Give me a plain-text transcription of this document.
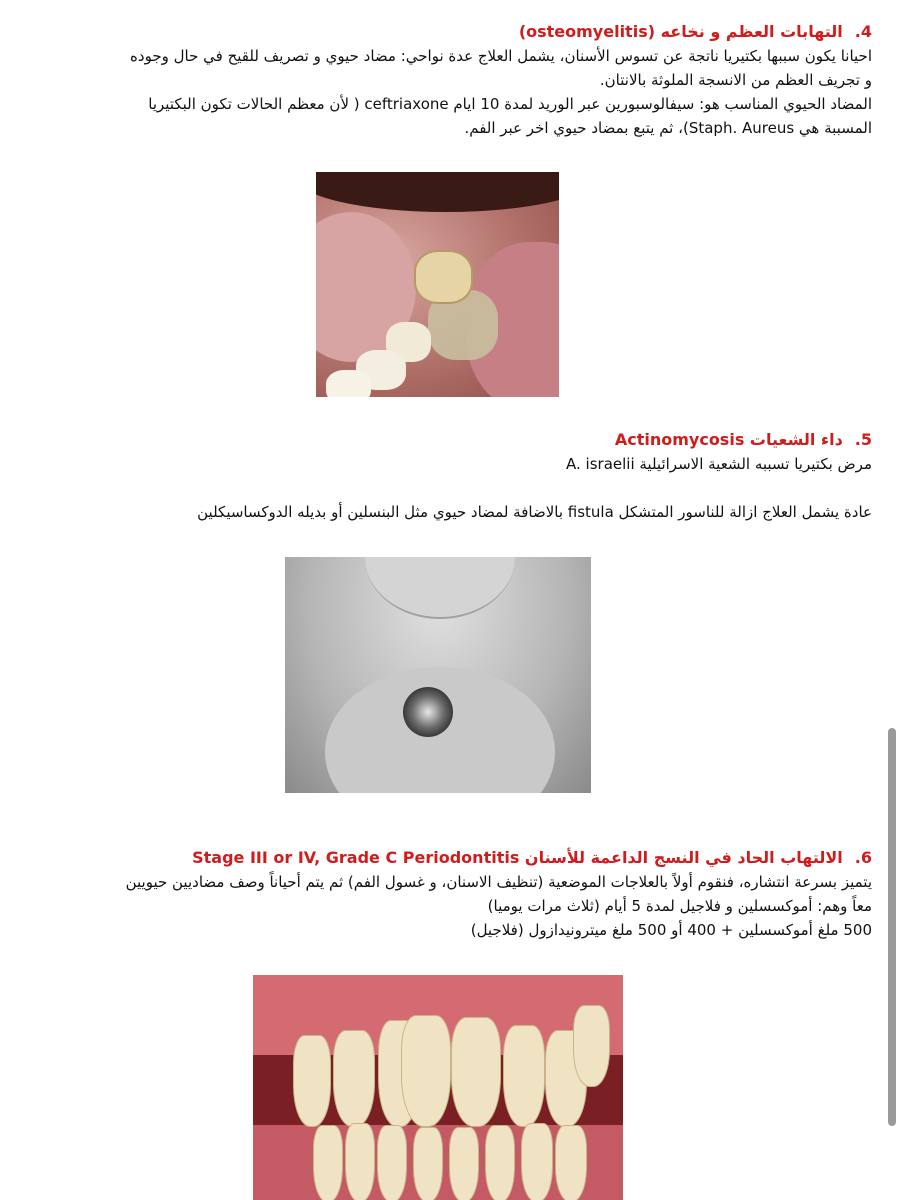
4.التهابات العظم و نخاعه (osteomyelitis)
احيانا يكون سببها بكتيريا ناتجة عن تسوس الأسنان، يشمل العلاج عدة نواحي: مضاد حيوي و تصريف للقيح في حال وجوده
و تجريف العظم من الانسجة الملوثة بالانتان.
المضاد الحيوي المناسب هو: سيفالوسبورين عبر الوريد لمدة 10 ايام ceftriaxone ( لأن معظم الحالات تكون البكتيريا
المسببة هي Staph. Aureus)، ثم يتبع بمضاد حيوي اخر عبر الفم.
5.داء الشعيات Actinomycosis
مرض بكتيريا تسببه الشعية الاسرائيلية A. israelii
عادة يشمل العلاج ازالة للناسور المتشكل fistula بالاضافة لمضاد حيوي مثل البنسلين أو بديله الدوكساسيكلين
6.الالتهاب الحاد في النسج الداعمة للأسنان Stage III or IV, Grade C Periodontitis
يتميز بسرعة انتشاره، فنقوم أولاً بالعلاجات الموضعية (تنظيف الاسنان، و غسول الفم) ثم يتم أحياناً وصف مضاديين حيويين
معاً وهم: أموكسسلين و فلاجيل لمدة 5 أيام (ثلاث مرات يوميا)
500 ملغ أموكسسلين + 400 أو 500 ملغ ميترونيدازول (فلاجيل)
